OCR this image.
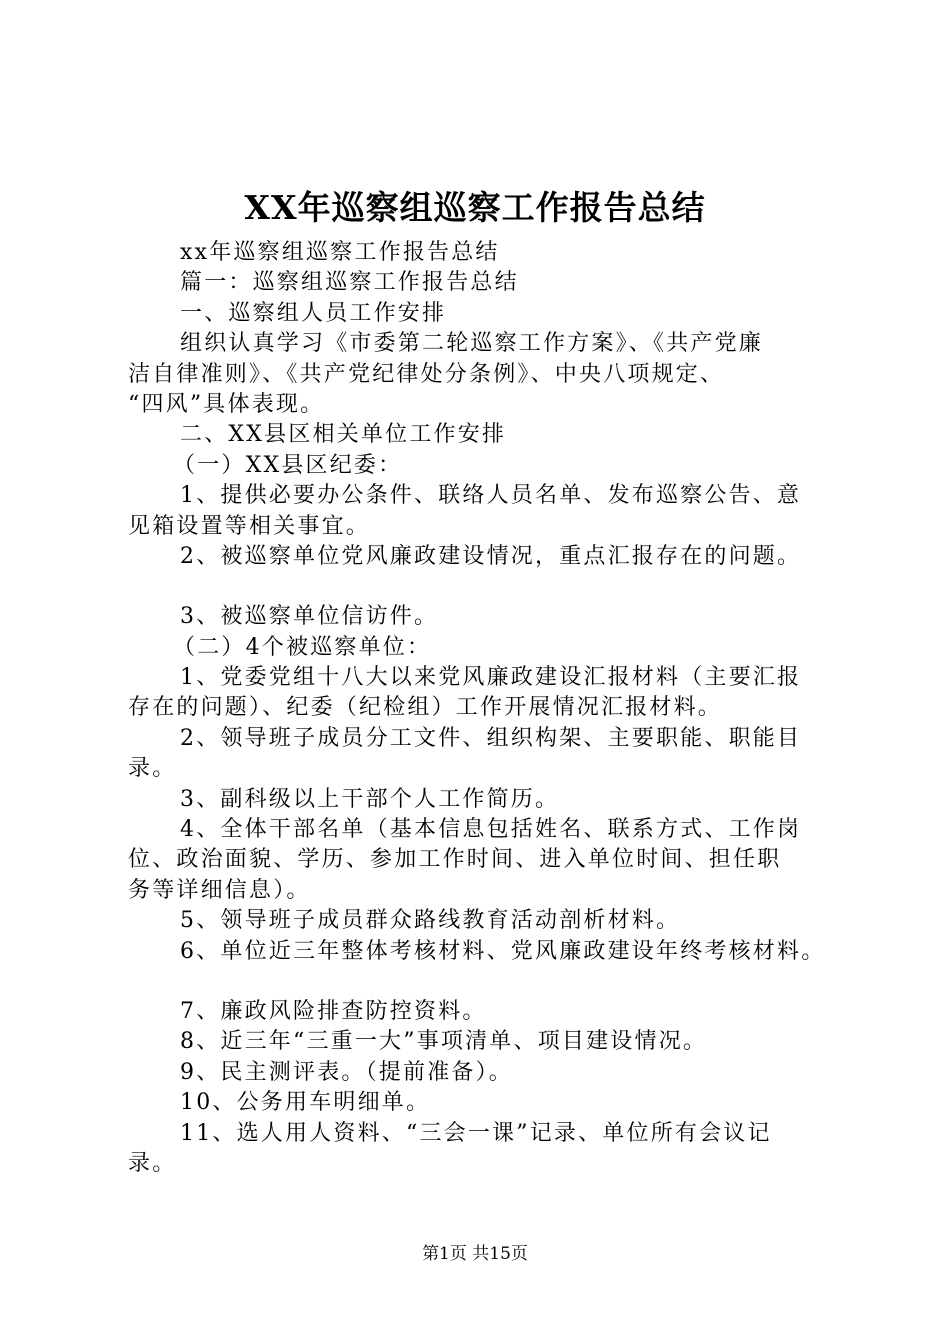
XX年巡察组巡察工作报告总结
xx年巡察组巡察工作报告总结
篇一：巡察组巡察工作报告总结
一、巡察组人员工作安排
组织认真学习《市委第二轮巡察工作方案》、《共产党廉
洁自律准则》、《共产党纪律处分条例》、中央八项规定、
“四风”具体表现。
二、XX县区相关单位工作安排
（一）XX县区纪委：
1、提供必要办公条件、联络人员名单、发布巡察公告、意
见箱设置等相关事宜。
2、被巡察单位党风廉政建设情况，重点汇报存在的问题。
3、被巡察单位信访件。
（二）4个被巡察单位：
1、党委党组十八大以来党风廉政建设汇报材料（主要汇报
存在的问题）、纪委（纪检组）工作开展情况汇报材料。
2、领导班子成员分工文件、组织构架、主要职能、职能目
录。
3、副科级以上干部个人工作简历。
4、全体干部名单（基本信息包括姓名、联系方式、工作岗
位、政治面貌、学历、参加工作时间、进入单位时间、担任职
务等详细信息）。
5、领导班子成员群众路线教育活动剖析材料。
6、单位近三年整体考核材料、党风廉政建设年终考核材料。
7、廉政风险排查防控资料。
8、近三年“三重一大”事项清单、项目建设情况。
9、民主测评表。（提前准备）。
10、公务用车明细单。
11、选人用人资料、“三会一课”记录、单位所有会议记
录。
第1页 共15页
